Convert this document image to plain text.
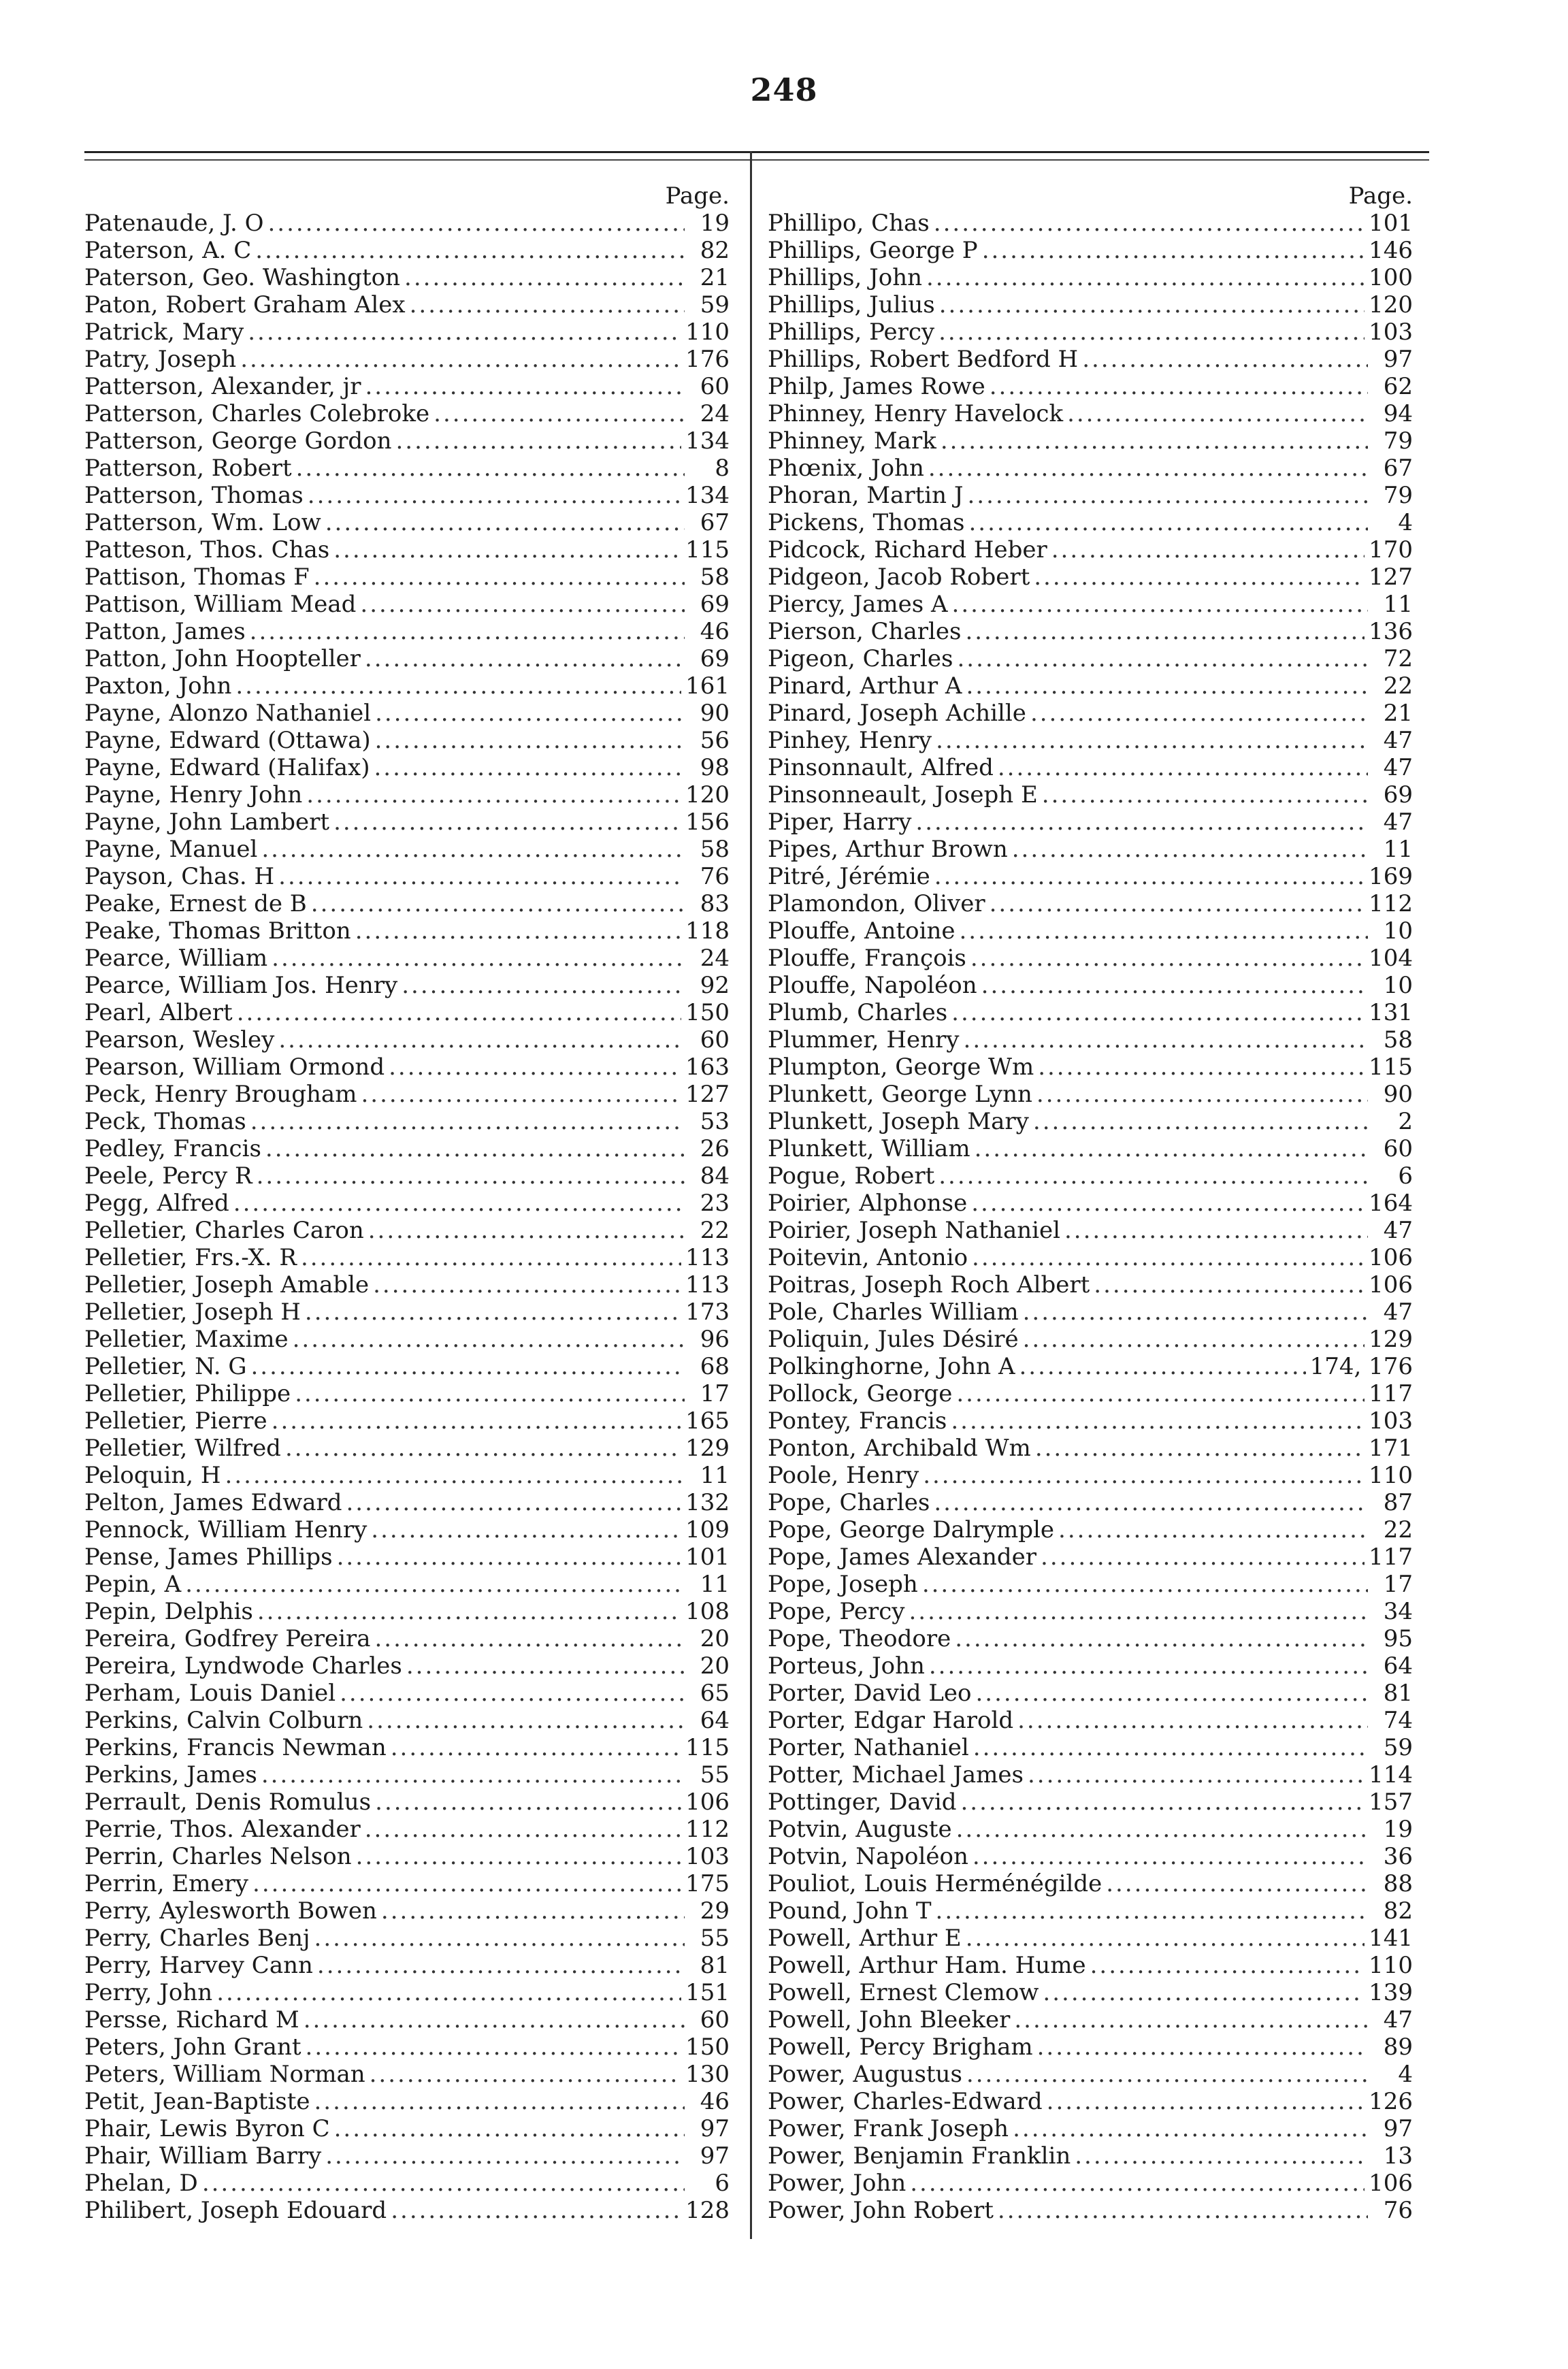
248
Page.
Patenaude, J. O .....	19
Paterson, A. C .....	82
Paterson, Geo. Washington .....	21
Paton, Robert Graham Alex .....	59
Patrick, Mary .....	110
Patry, Joseph .....	176
Patterson, Alexander, jr .....	60
Patterson, Charles Colebroke .....	24
Patterson, George Gordon .....	134
Patterson, Robert .....	8
Patterson, Thomas .....	134
Patterson, Wm. Low .....	67
Patteson, Thos. Chas .....	115
Pattison, Thomas F .....	58
Pattison, William Mead .....	69
Patton, James .....	46
Patton, John Hoopteller .....	69
Paxton, John .....	161
Payne, Alonzo Nathaniel .....	90
Payne, Edward (Ottawa) .....	56
Payne, Edward (Halifax) .....	98
Payne, Henry John .....	120
Payne, John Lambert .....	156
Payne, Manuel .....	58
Payson, Chas. H .....	76
Peake, Ernest de B .....	83
Peake, Thomas Britton .....	118
Pearce, William .....	24
Pearce, William Jos. Henry .....	92
Pearl, Albert .....	150
Pearson, Wesley .....	60
Pearson, William Ormond .....	163
Peck, Henry Brougham .....	127
Peck, Thomas .....	53
Pedley, Francis .....	26
Peele, Percy R .....	84
Pegg, Alfred .....	23
Pelletier, Charles Caron .....	22
Pelletier, Frs.-X. R .....	113
Pelletier, Joseph Amable .....	113
Pelletier, Joseph H .....	173
Pelletier, Maxime .....	96
Pelletier, N. G .....	68
Pelletier, Philippe .....	17
Pelletier, Pierre .....	165
Pelletier, Wilfred .....	129
Peloquin, H .....	11
Pelton, James Edward .....	132
Pennock, William Henry .....	109
Pense, James Phillips .....	101
Pepin, A .....	11
Pepin, Delphis .....	108
Pereira, Godfrey Pereira .....	20
Pereira, Lyndwode Charles .....	20
Perham, Louis Daniel .....	65
Perkins, Calvin Colburn .....	64
Perkins, Francis Newman .....	115
Perkins, James .....	55
Perrault, Denis Romulus .....	106
Perrie, Thos. Alexander .....	112
Perrin, Charles Nelson .....	103
Perrin, Emery .....	175
Perry, Aylesworth Bowen .....	29
Perry, Charles Benj .....	55
Perry, Harvey Cann .....	81
Perry, John .....	151
Persse, Richard M .....	60
Peters, John Grant .....	150
Peters, William Norman .....	130
Petit, Jean-Baptiste .....	46
Phair, Lewis Byron C .....	97
Phair, William Barry .....	97
Phelan, D .....	6
Philibert, Joseph Edouard .....	128
Page.
Phillipo, Chas .....	101
Phillips, George P .....	146
Phillips, John .....	100
Phillips, Julius .....	120
Phillips, Percy .....	103
Phillips, Robert Bedford H .....	97
Philp, James Rowe .....	62
Phinney, Henry Havelock .....	94
Phinney, Mark .....	79
Phœnix, John .....	67
Phoran, Martin J .....	79
Pickens, Thomas .....	4
Pidcock, Richard Heber .....	170
Pidgeon, Jacob Robert .....	127
Piercy, James A .....	11
Pierson, Charles .....	136
Pigeon, Charles .....	72
Pinard, Arthur A .....	22
Pinard, Joseph Achille .....	21
Pinhey, Henry .....	47
Pinsonnault, Alfred .....	47
Pinsonneault, Joseph E .....	69
Piper, Harry .....	47
Pipes, Arthur Brown .....	11
Pitré, Jérémie .....	169
Plamondon, Oliver .....	112
Plouffe, Antoine .....	10
Plouffe, François .....	104
Plouffe, Napoléon .....	10
Plumb, Charles .....	131
Plummer, Henry .....	58
Plumpton, George Wm .....	115
Plunkett, George Lynn .....	90
Plunkett, Joseph Mary .....	2
Plunkett, William .....	60
Pogue, Robert .....	6
Poirier, Alphonse .....	164
Poirier, Joseph Nathaniel .....	47
Poitevin, Antonio .....	106
Poitras, Joseph Roch Albert .....	106
Pole, Charles William .....	47
Poliquin, Jules Désiré .....	129
Polkinghorne, John A .....	174, 176
Pollock, George .....	117
Pontey, Francis .....	103
Ponton, Archibald Wm .....	171
Poole, Henry .....	110
Pope, Charles .....	87
Pope, George Dalrymple .....	22
Pope, James Alexander .....	117
Pope, Joseph .....	17
Pope, Percy .....	34
Pope, Theodore .....	95
Porteus, John .....	64
Porter, David Leo .....	81
Porter, Edgar Harold .....	74
Porter, Nathaniel .....	59
Potter, Michael James .....	114
Pottinger, David .....	157
Potvin, Auguste .....	19
Potvin, Napoléon .....	36
Pouliot, Louis Herménégilde .....	88
Pound, John T .....	82
Powell, Arthur E .....	141
Powell, Arthur Ham. Hume .....	110
Powell, Ernest Clemow .....	139
Powell, John Bleeker .....	47
Powell, Percy Brigham .....	89
Power, Augustus .....	4
Power, Charles-Edward .....	126
Power, Frank Joseph .....	97
Power, Benjamin Franklin .....	13
Power, John .....	106
Power, John Robert .....	76
